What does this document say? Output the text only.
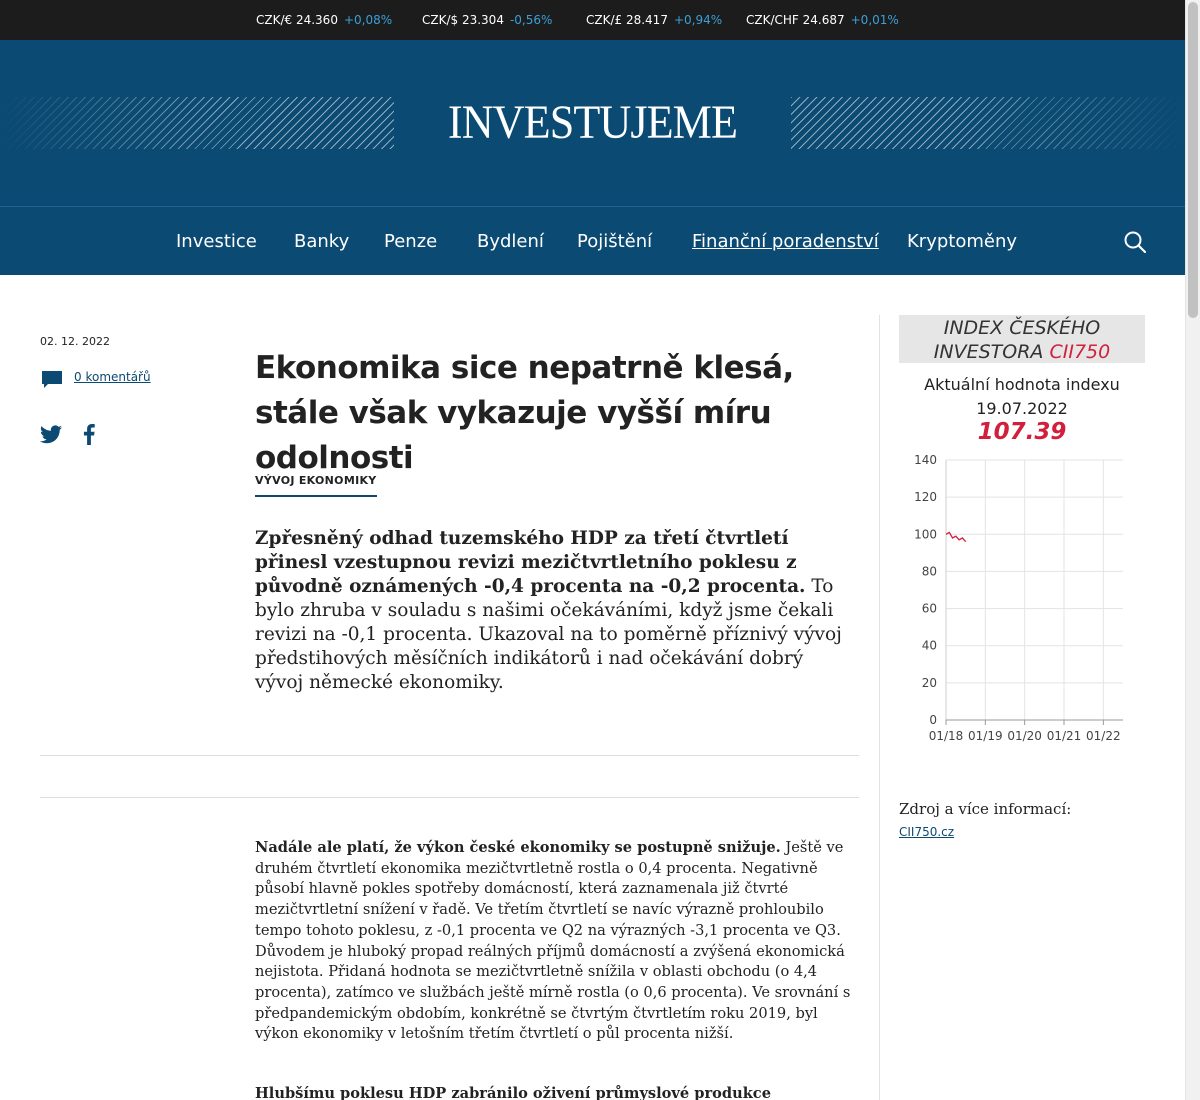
CZK/€ 24.360 +0,08% CZK/$ 23.304 -0,56%	CZK/£ 28.417 +0,94% CZK/CHF 24.687 +0,01%
INVESTUJEME
Investice Banky Penze Bydlení Pojištění Finanční poradenství Kryptoměny
02. 12. 2022
0 komentářů	Ekonomika sice nepatrně klesá, stále však vykazuje vyšší míru odolnosti
VÝVOJ EKONOMIKY

Zpřesněný odhad tuzemského HDP za třetí čtvrtletí přinesl vzestupnou revizi mezičtvrtletního poklesu z původně oznámených -0,4 procenta na -0,2 procenta. To bylo zhruba v souladu s našimi očekáváními, když jsme čekali revizi na -0,1 procenta. Ukazoval na to poměrně příznivý vývoj předstihových měsíčních indikátorů i nad očekávání dobrý vývoj německé ekonomiky.

Nadále ale platí, že výkon české ekonomiky se postupně snižuje. Ještě ve druhém čtvrtletí ekonomika mezičtvrtletně rostla o 0,4 procenta. Negativně působí hlavně pokles spotřeby domácností, která zaznamenala již čtvrté mezičtvrtletní snížení v řadě. Ve třetím čtvrtletí se navíc výrazně prohloubilo tempo tohoto poklesu, z -0,1 procenta ve Q2 na výrazných -3,1 procenta ve Q3. Důvodem je hluboký propad reálných příjmů domácností a zvýšená ekonomická nejistota. Přidaná hodnota se mezičtvrtletně snížila v oblasti obchodu (o 4,4 procenta), zatímco ve službách ještě mírně rostla (o 0,6 procenta). Ve srovnání s předpandemickým obdobím, konkrétně se čtvrtým čtvrtletím roku 2019, byl výkon ekonomiky v letošním třetím čtvrtletí o půl procenta nižší.

Hlubšímu poklesu HDP zabránilo oživení průmyslové produkce

INDEX ČESKÉHO
INVESTORA CII750
Aktuální hodnota indexu
19.07.2022
107.39
0
20
40
60
80
100
120
140
01/18 01/19 01/20 01/21 01/22
Zdroj a více informací:
CII750.cz
